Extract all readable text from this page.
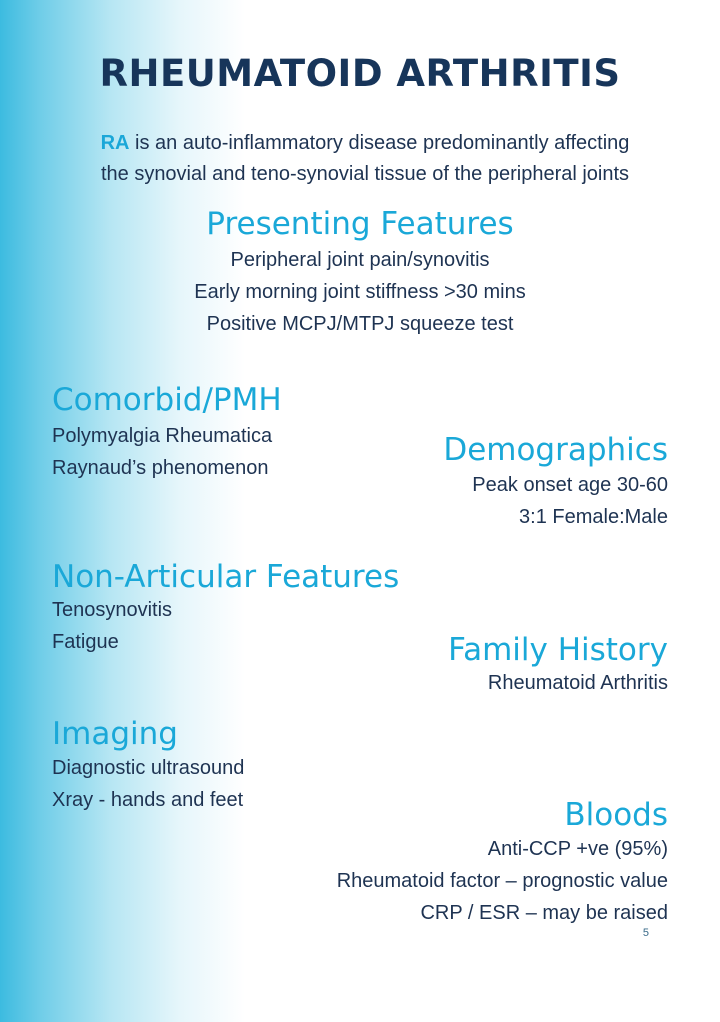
RHEUMATOID ARTHRITIS
RA is an auto-inflammatory disease predominantly affecting
the synovial and teno-synovial tissue of the peripheral joints
Presenting Features
Peripheral joint pain/synovitis
Early morning joint stiffness >30 mins
Positive MCPJ/MTPJ squeeze test
Comorbid/PMH
Polymyalgia Rheumatica
Raynaud’s phenomenon	Demographics
Peak onset age 30-60
3:1 Female:Male
Non-Articular Features
Tenosynovitis
Fatigue	Family History
Rheumatoid Arthritis
Imaging
Diagnostic ultrasound
Xray - hands and feet	Bloods
Anti-CCP +ve (95%)
Rheumatoid factor – prognostic value
CRP / ESR – may be raised
5
